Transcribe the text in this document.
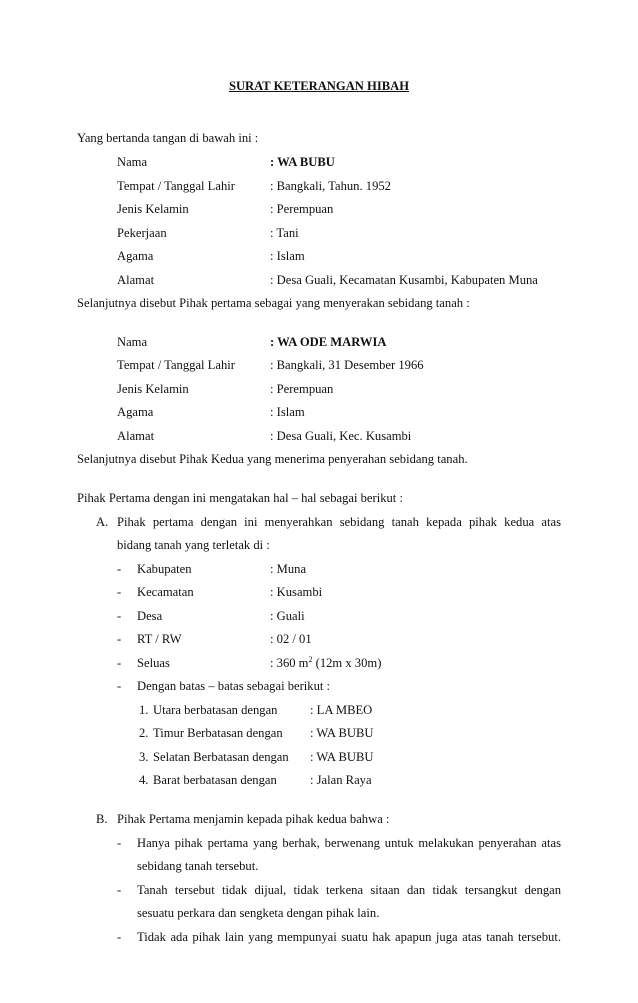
SURAT KETERANGAN HIBAH
Yang bertanda tangan di bawah ini :
Nama	: WA BUBU
Tempat / Tanggal Lahir	: Bangkali, Tahun. 1952
Jenis Kelamin	: Perempuan
Pekerjaan	: Tani
Agama	: Islam
Alamat	: Desa Guali, Kecamatan Kusambi, Kabupaten Muna
Selanjutnya disebut Pihak pertama sebagai yang menyerakan sebidang tanah :
Nama	: WA ODE MARWIA
Tempat / Tanggal Lahir	: Bangkali, 31 Desember 1966
Jenis Kelamin	: Perempuan
Agama	: Islam
Alamat	: Desa Guali, Kec. Kusambi
Selanjutnya disebut Pihak Kedua yang menerima penyerahan sebidang tanah.
Pihak Pertama dengan ini mengatakan hal – hal sebagai berikut :
A. Pihak pertama dengan ini menyerahkan sebidang tanah kepada pihak kedua atas
bidang tanah yang terletak di :
- Kabupaten	: Muna
- Kecamatan	: Kusambi
- Desa	: Guali
- RT / RW	: 02 / 01
- Seluas	: 360 $m^2$ (12m x 30m)
- Dengan batas – batas sebagai berikut :
1. Utara berbatasan dengan	: LA MBEO
2. Timur Berbatasan dengan : WA BUBU
3. Selatan Berbatasan dengan : WA BUBU
4. Barat berbatasan dengan	: Jalan Raya
B. Pihak Pertama menjamin kepada pihak kedua bahwa :
- Hanya pihak pertama yang berhak, berwenang untuk melakukan penyerahan atas
sebidang tanah tersebut.
- Tanah tersebut tidak dijual, tidak terkena sitaan dan tidak tersangkut dengan
sesuatu perkara dan sengketa dengan pihak lain.
- Tidak ada pihak lain yang mempunyai suatu hak apapun juga atas tanah tersebut.
